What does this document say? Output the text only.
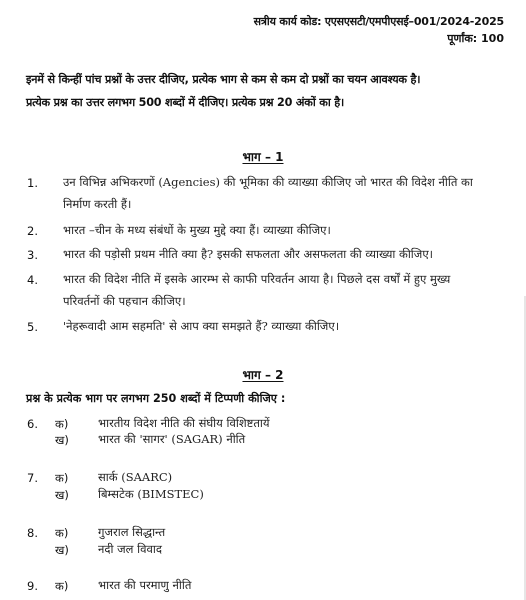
सत्रीय कार्य कोड: एएसएसटी/एमपीएसई–001/2024-2025
पूर्णांक: 100
इनमें से किन्हीं पांच प्रश्नों के उत्तर दीजिए, प्रत्येक भाग से कम से कम दो प्रश्नों का चयन आवश्यक है।
प्रत्येक प्रश्न का उत्तर लगभग 500 शब्दों में दीजिए। प्रत्येक प्रश्न 20 अंकों का है।
भाग – 1
1. उन विभिन्न अभिकरणों (Agencies) की भूमिका की व्याख्या कीजिए जो भारत की विदेश नीति का
निर्माण करती हैं।
2. भारत –चीन के मध्य संबंधों के मुख्य मुद्दे क्या हैं। व्याख्या कीजिए।
3. भारत की पड़ोसी प्रथम नीति क्या है? इसकी सफलता और असफलता की व्याख्या कीजिए।
4. भारत की विदेश नीति में इसके आरम्भ से काफी परिवर्तन आया है। पिछले दस वर्षों में हुए मुख्य
परिवर्तनों की पहचान कीजिए।
5. 'नेहरूवादी आम सहमति' से आप क्या समझते हैं? व्याख्या कीजिए।
भाग – 2
प्रश्न के प्रत्येक भाग पर लगभग 250 शब्दों में टिप्पणी कीजिए :
6. क)	भारतीय विदेश नीति की संघीय विशिष्टतायें
ख)	भारत की 'सागर' (SAGAR) नीति
7. क)	सार्क (SAARC)
ख)	बिम्सटेक (BIMSTEC)
8. क)	गुजराल सिद्धान्त
ख)	नदी जल विवाद
9. क)	भारत की परमाणु नीति
